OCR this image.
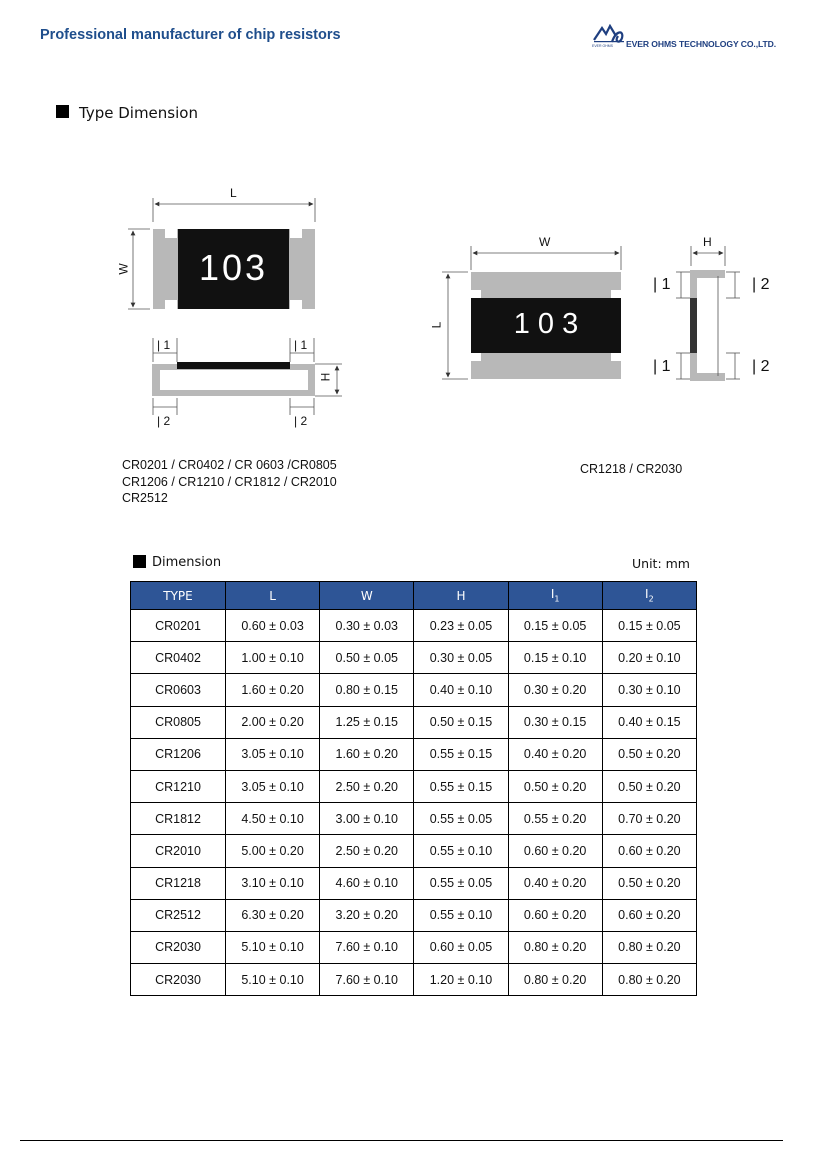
Professional manufacturer of chip resistors
EVER OHMS EVER OHMS TECHNOLOGY CO.,LTD.
Type Dimension
L
W	103
H
| 1	| 1
| 2	| 2
W
L	1 0 3
H
| 1
| 1
| 2
| 2
CR0201 / CR0402 / CR 0603 /CR0805
CR1206 / CR1210 / CR1812 / CR2010
CR2512
CR1218 / CR2030
Dimension	Unit: mm
TYPE	L	W	H	$I_1$	$I_2$
CR0201	0.60 ± 0.03	0.30 ± 0.03	0.23 ± 0.05	0.15 ± 0.05	0.15 ± 0.05
CR0402	1.00 ± 0.10	0.50 ± 0.05	0.30 ± 0.05	0.15 ± 0.10	0.20 ± 0.10
CR0603	1.60 ± 0.20	0.80 ± 0.15	0.40 ± 0.10	0.30 ± 0.20	0.30 ± 0.10
CR0805	2.00 ± 0.20	1.25 ± 0.15	0.50 ± 0.15	0.30 ± 0.15	0.40 ± 0.15
CR1206	3.05 ± 0.10	1.60 ± 0.20	0.55 ± 0.15	0.40 ± 0.20	0.50 ± 0.20
CR1210	3.05 ± 0.10	2.50 ± 0.20	0.55 ± 0.15	0.50 ± 0.20	0.50 ± 0.20
CR1812	4.50 ± 0.10	3.00 ± 0.10	0.55 ± 0.05	0.55 ± 0.20	0.70 ± 0.20
CR2010	5.00 ± 0.20	2.50 ± 0.20	0.55 ± 0.10	0.60 ± 0.20	0.60 ± 0.20
CR1218	3.10 ± 0.10	4.60 ± 0.10	0.55 ± 0.05	0.40 ± 0.20	0.50 ± 0.20
CR2512	6.30 ± 0.20	3.20 ± 0.20	0.55 ± 0.10	0.60 ± 0.20	0.60 ± 0.20
CR2030	5.10 ± 0.10	7.60 ± 0.10	0.60 ± 0.05	0.80 ± 0.20	0.80 ± 0.20
CR2030	5.10 ± 0.10	7.60 ± 0.10	1.20 ± 0.10	0.80 ± 0.20	0.80 ± 0.20
